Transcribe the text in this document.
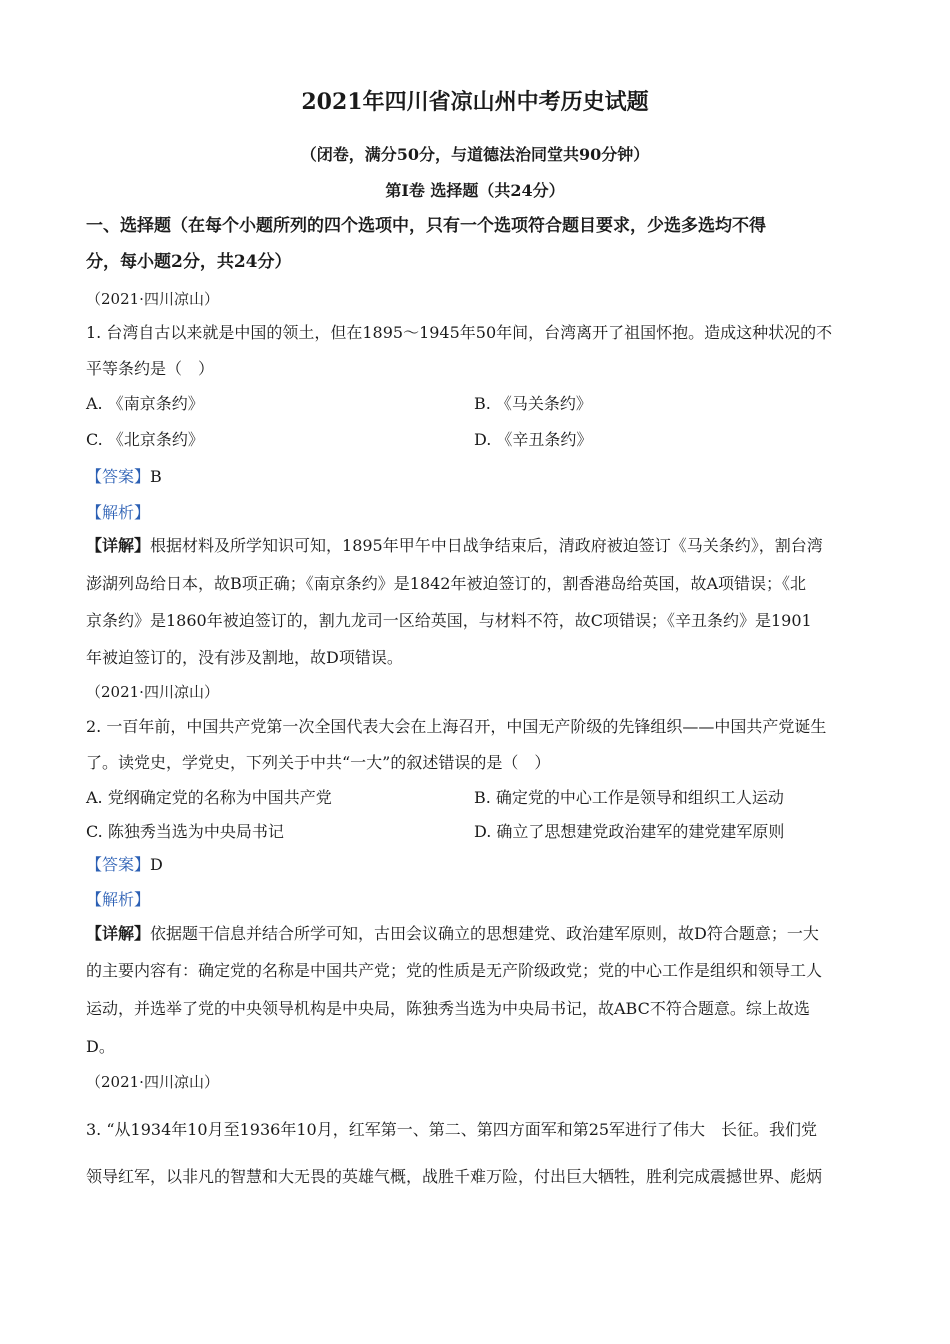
2021年四川省凉山州中考历史试题
（闭卷，满分50分，与道德法治同堂共90分钟）
第Ⅰ卷 选择题（共24分）
一、选择题（在每个小题所列的四个选项中，只有一个选项符合题目要求，少选多选均不得
分，每小题2分，共24分）
（2021·四川凉山）
1. 台湾自古以来就是中国的领土，但在1895～1945年50年间，台湾离开了祖国怀抱。造成这种状况的不
平等条约是（　）
A. 《南京条约》	B. 《马关条约》
C. 《北京条约》	D. 《辛丑条约》
【答案】B
【解析】
【详解】根据材料及所学知识可知，1895年甲午中日战争结束后，清政府被迫签订《马关条约》，割台湾
澎湖列岛给日本，故B项正确；《南京条约》是1842年被迫签订的，割香港岛给英国，故A项错误；《北
京条约》是1860年被迫签订的，割九龙司一区给英国，与材料不符，故C项错误；《辛丑条约》是1901
年被迫签订的，没有涉及割地，故D项错误。
（2021·四川凉山）
2. 一百年前，中国共产党第一次全国代表大会在上海召开，中国无产阶级的先锋组织——中国共产党诞生
了。读党史，学党史，下列关于中共“一大”的叙述错误的是（　）
A. 党纲确定党的名称为中国共产党	B. 确定党的中心工作是领导和组织工人运动
C. 陈独秀当选为中央局书记	D. 确立了思想建党政治建军的建党建军原则
【答案】D
【解析】
【详解】依据题干信息并结合所学可知，古田会议确立的思想建党、政治建军原则，故D符合题意；一大
的主要内容有：确定党的名称是中国共产党；党的性质是无产阶级政党；党的中心工作是组织和领导工人
运动，并选举了党的中央领导机构是中央局，陈独秀当选为中央局书记，故ABC不符合题意。综上故选
D。
（2021·四川凉山）
3. “从1934年10月至1936年10月，红军第一、第二、第四方面军和第25军进行了伟大　长征。我们党
领导红军，以非凡的智慧和大无畏的英雄气概，战胜千难万险，付出巨大牺牲，胜利完成震撼世界、彪炳
